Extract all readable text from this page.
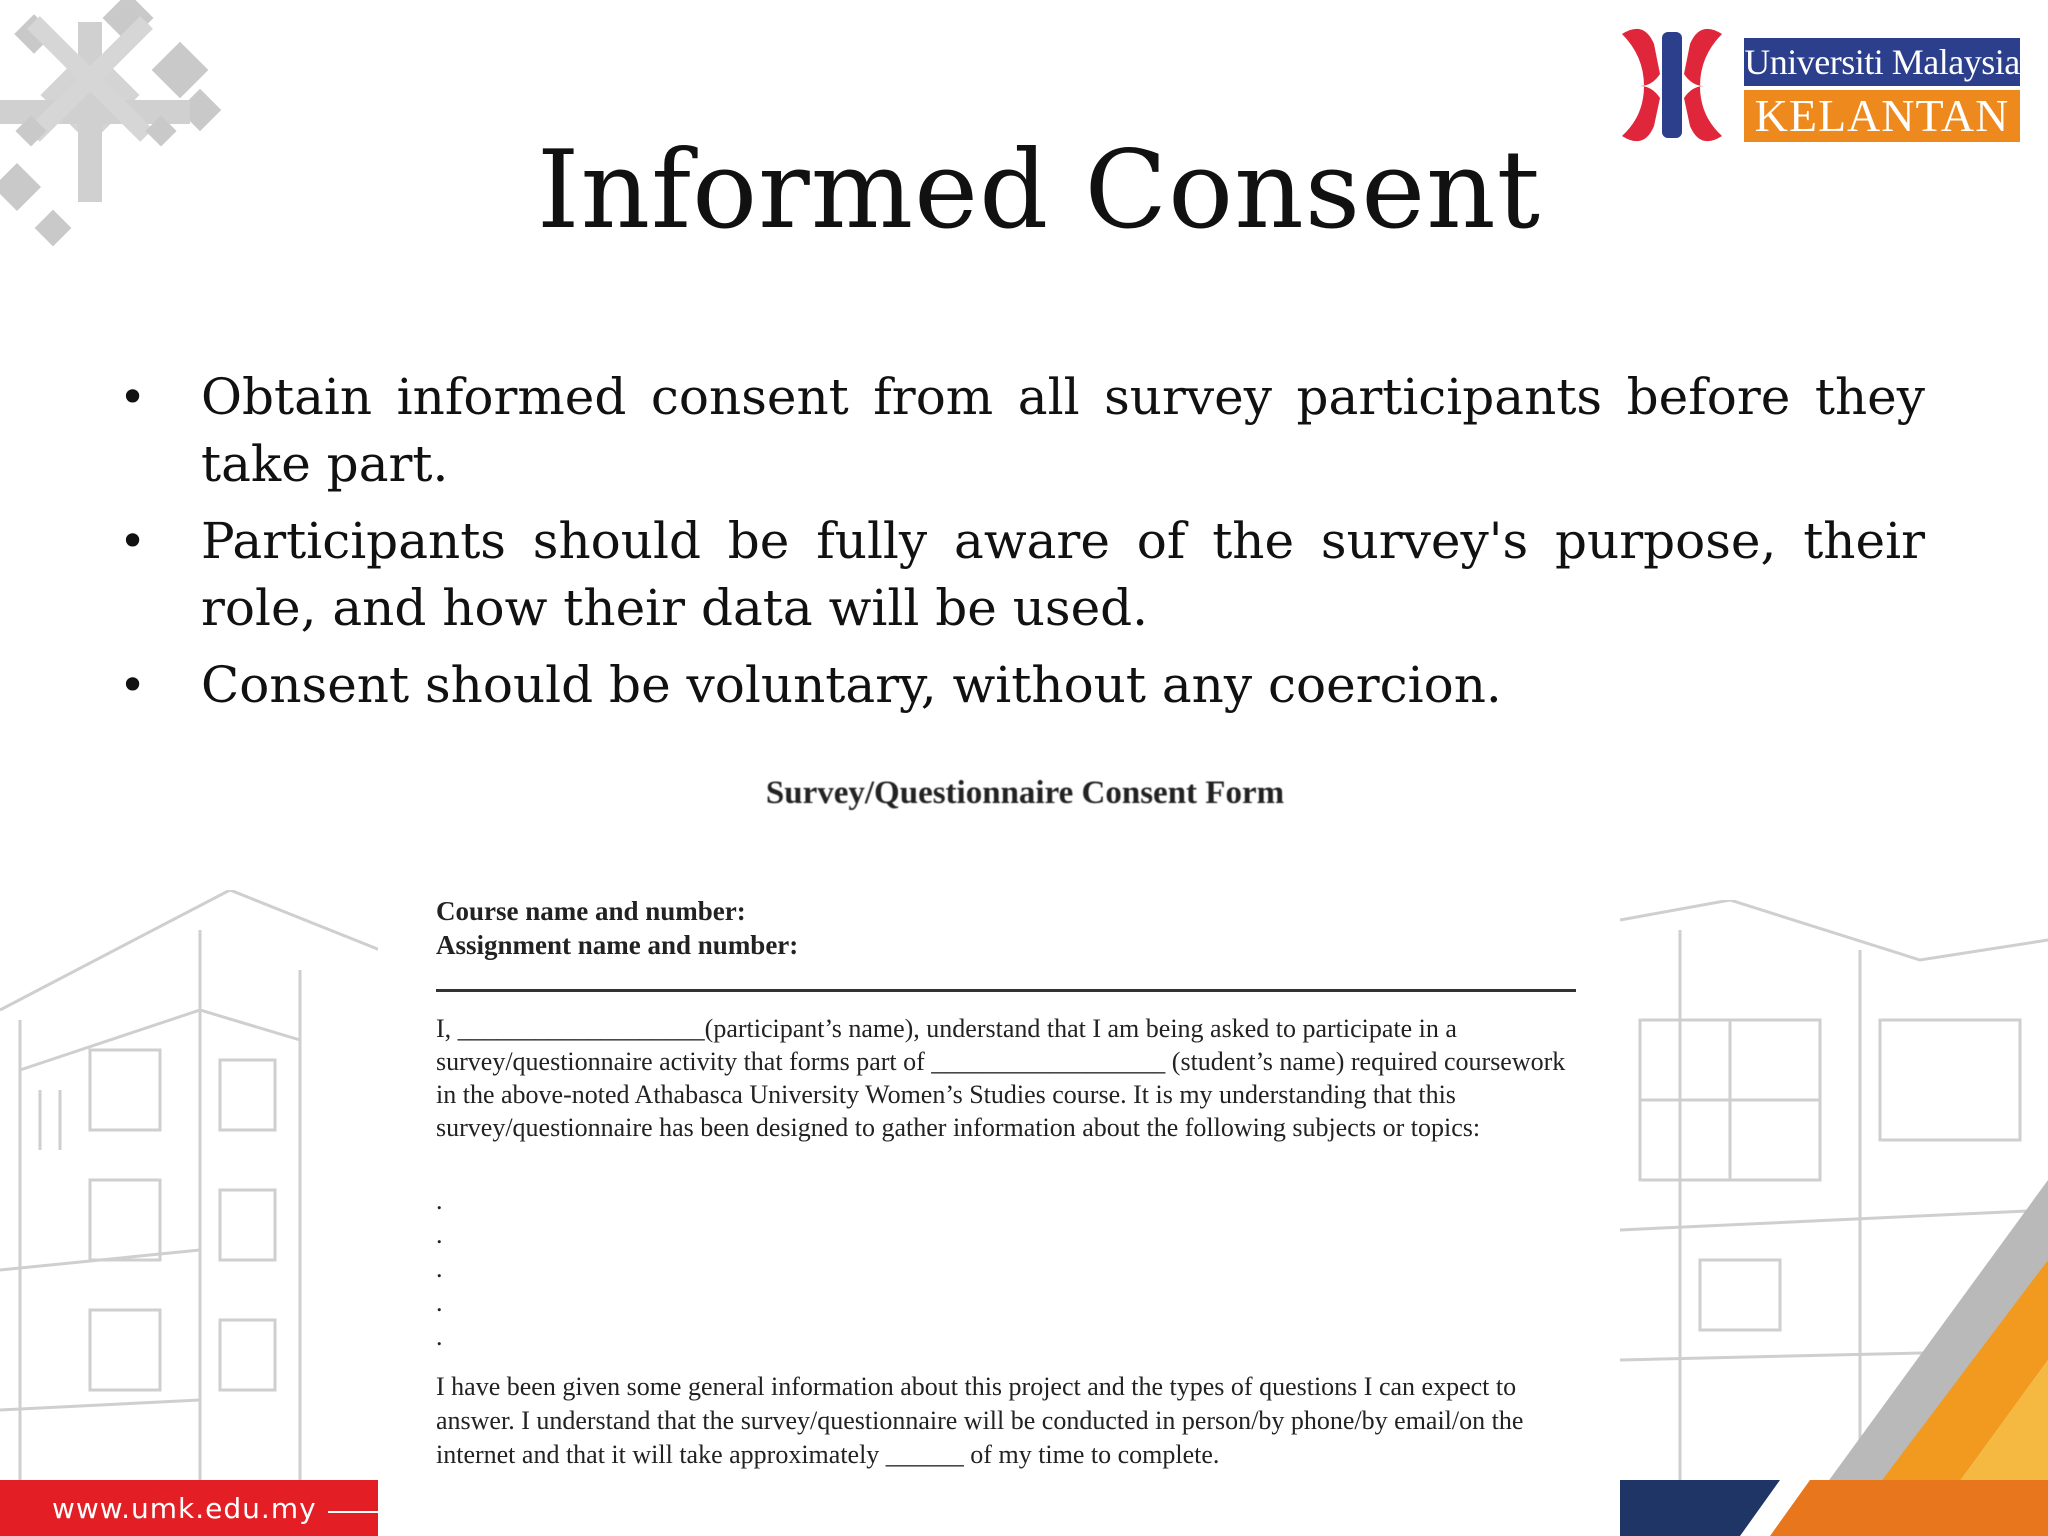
Universiti Malaysia
KELANTAN
Informed Consent
• Obtain informed consent from all survey participants before they take part.
• Participants should be fully aware of the survey's purpose, their role, and how their data will be used.
• Consent should be voluntary, without any coercion.
Survey/Questionnaire Consent Form
Course name and number:
Assignment name and number:
I, ___________________(participant’s name), understand that I am being asked to participate in a survey/questionnaire activity that forms part of __________________ (student’s name) required coursework in the above-noted Athabasca University Women’s Studies course. It is my understanding that this survey/questionnaire has been designed to gather information about the following subjects or topics:
.
.
.
.
.
I have been given some general information about this project and the types of questions I can expect to answer. I understand that the survey/questionnaire will be conducted in person/by phone/by email/on the internet and that it will take approximately ______ of my time to complete.
www.umk.edu.my
